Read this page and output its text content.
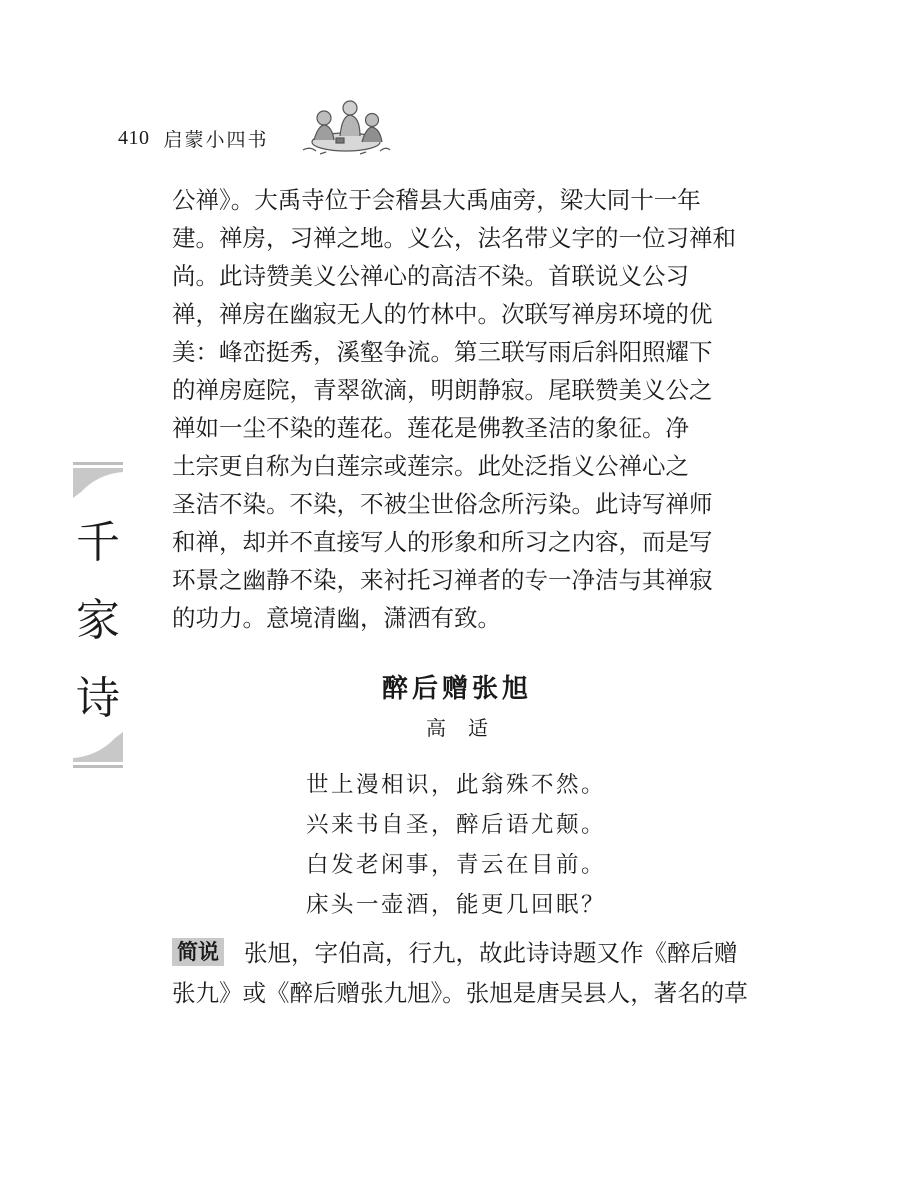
410 启蒙小四书
千
家
诗
公禅》。大禹寺位于会稽县大禹庙旁，梁大同十一年
建。禅房，习禅之地。义公，法名带义字的一位习禅和
尚。此诗赞美义公禅心的高洁不染。首联说义公习
禅，禅房在幽寂无人的竹林中。次联写禅房环境的优
美：峰峦挺秀，溪壑争流。第三联写雨后斜阳照耀下
的禅房庭院，青翠欲滴，明朗静寂。尾联赞美义公之
禅如一尘不染的莲花。莲花是佛教圣洁的象征。净
土宗更自称为白莲宗或莲宗。此处泛指义公禅心之
圣洁不染。不染，不被尘世俗念所污染。此诗写禅师
和禅，却并不直接写人的形象和所习之内容，而是写
环景之幽静不染，来衬托习禅者的专一净洁与其禅寂
的功力。意境清幽，潇洒有致。
醉后赠张旭
高适
世上漫相识，此翁殊不然。
兴来书自圣，醉后语尤颠。
白发老闲事，青云在目前。
床头一壶酒，能更几回眠？
简说 张旭，字伯高，行九，故此诗诗题又作《醉后赠
张九》或《醉后赠张九旭》。张旭是唐吴县人，著名的草
